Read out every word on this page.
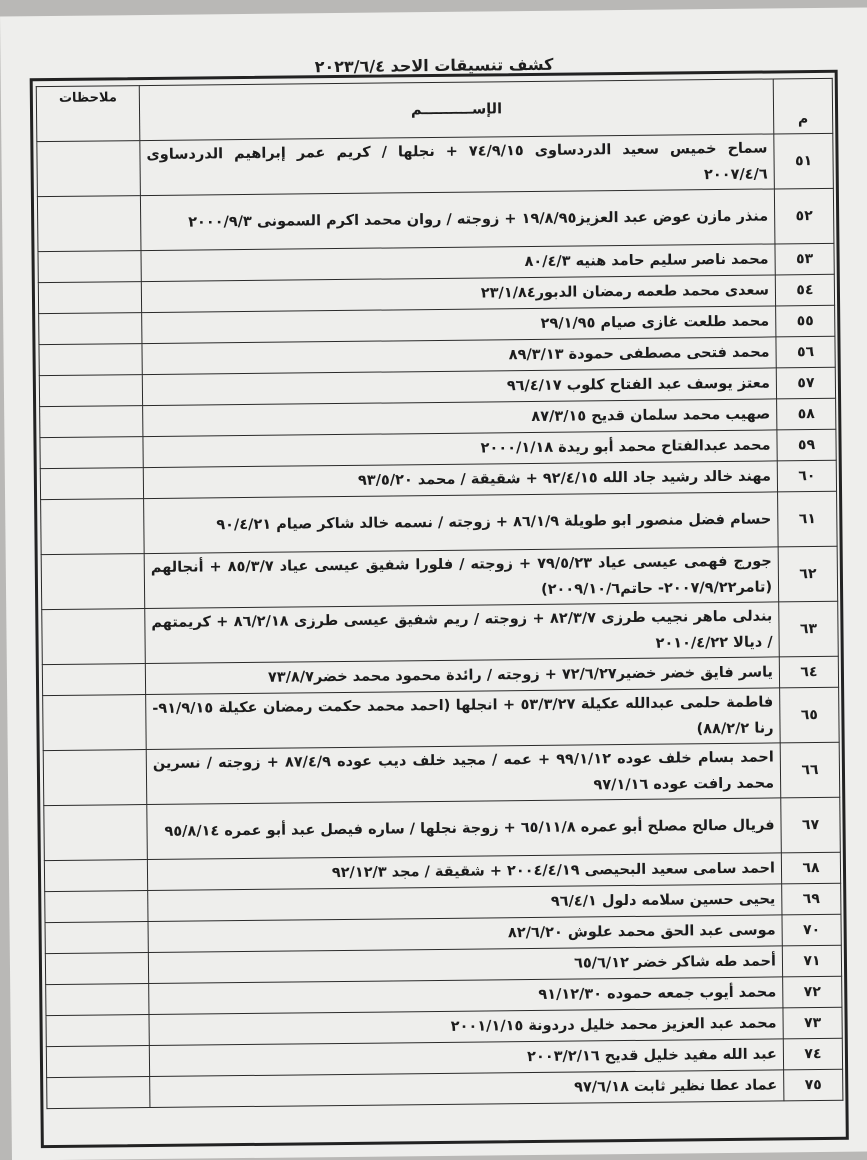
كشف تنسيقات الاحد ٢٠٢٣/٦/٤
م	الإســــــــــم	ملاحظات
٥١	سماح خميس سعيد الدردساوى ٧٤/٩/١٥ + نجلها / كريم عمر إبراهيم الدردساوى ٢٠٠٧/٤/٦	
٥٢	منذر مازن عوض عبد العزيز١٩/٨/٩٥ + زوجته / روان محمد اكرم السمونى ٢٠٠٠/٩/٣	
٥٣	محمد ناصر سليم حامد هنيه ٨٠/٤/٣	
٥٤	سعدى محمد طعمه رمضان الدبور٢٣/١/٨٤	
٥٥	محمد طلعت غازى صيام ٢٩/١/٩٥	
٥٦	محمد فتحى مصطفى حمودة ٨٩/٣/١٣	
٥٧	معتز يوسف عبد الفتاح كلوب ٩٦/٤/١٧	
٥٨	صهيب محمد سلمان قديح ٨٧/٣/١٥	
٥٩	محمد عبدالفتاح محمد أبو ريدة ٢٠٠٠/١/١٨	
٦٠	مهند خالد رشيد جاد الله ٩٢/٤/١٥ + شقيقة / محمد ٩٣/٥/٢٠	
٦١	حسام فضل منصور ابو طويلة ٨٦/١/٩ + زوجته / نسمه خالد شاكر صيام ٩٠/٤/٢١	
٦٢	جورج فهمى عيسى عياد ٧٩/٥/٢٣ + زوجته / فلورا شفيق عيسى عياد ٨٥/٣/٧ + أنجالهم (تامر٢٠٠٧/٩/٢٢- حاتم٢٠٠٩/١٠/٦)	
٦٣	بندلى ماهر نجيب طرزى ٨٢/٣/٧ + زوجته / ريم شفيق عيسى طرزى ٨٦/٢/١٨ + كريمتهم / ديالا ٢٠١٠/٤/٢٢	
٦٤	ياسر فايق خضر خضير٧٢/٦/٢٧ + زوجته / رائدة محمود محمد خضر٧٣/٨/٧	
٦٥	فاطمة حلمى عبدالله عكيلة ٥٣/٣/٢٧ + انجلها (احمد محمد حكمت رمضان عكيلة ٩١/٩/١٥- رنا ٨٨/٢/٢)	
٦٦	احمد بسام خلف عوده ٩٩/١/١٢ + عمه / مجيد خلف ديب عوده ٨٧/٤/٩ + زوجته / نسرين محمد رافت عوده ٩٧/١/١٦	
٦٧	فريال صالح مصلح أبو عمره ٦٥/١١/٨ + زوجة نجلها / ساره فيصل عبد أبو عمره ٩٥/٨/١٤	
٦٨	احمد سامى سعيد البحيصى ٢٠٠٤/٤/١٩ + شقيقة / مجد ٩٢/١٢/٣	
٦٩	يحيى حسين سلامه دلول ٩٦/٤/١	
٧٠	موسى عبد الحق محمد علوش ٨٢/٦/٢٠	
٧١	أحمد طه شاكر خضر ٦٥/٦/١٢	
٧٢	محمد أيوب جمعه حموده ٩١/١٢/٣٠	
٧٣	محمد عبد العزيز محمد خليل دردونة ٢٠٠١/١/١٥	
٧٤	عبد الله مفيد خليل قديح ٢٠٠٣/٢/١٦	
٧٥	عماد عطا نظير ثابت ٩٧/٦/١٨	
